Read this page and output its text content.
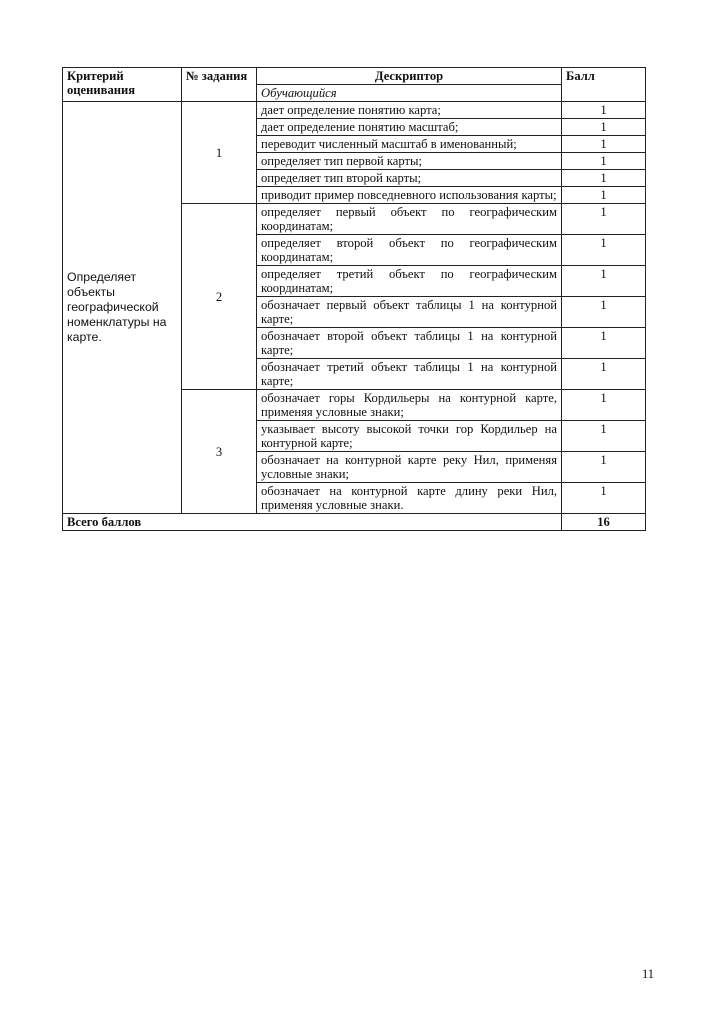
Критерий оценивания	№ задания	Дескриптор	Балл
		Обучающийся	
Определяет объекты географической номенклатуры на карте.	1	дает определение понятию карта;	1
		дает определение понятию масштаб;	1
		переводит численный масштаб в именованный;	1
		определяет тип первой карты;	1
		определяет тип второй карты;	1
		приводит пример повседневного использования карты;	1
	2	определяет первый объект по географическим координатам;	1
		определяет второй объект по географическим координатам;	1
		определяет третий объект по географическим координатам;	1
		обозначает первый объект таблицы 1 на контурной карте;	1
		обозначает второй объект таблицы 1 на контурной карте;	1
		обозначает третий объект таблицы 1 на контурной карте;	1
	3	обозначает горы Кордильеры на контурной карте, применяя условные знаки;	1
		указывает высоту высокой точки гор Кордильер на контурной карте;	1
		обозначает на контурной карте реку Нил, применяя условные знаки;	1
		обозначает на контурной карте длину реки Нил, применяя условные знаки.	1
Всего баллов			16
11
